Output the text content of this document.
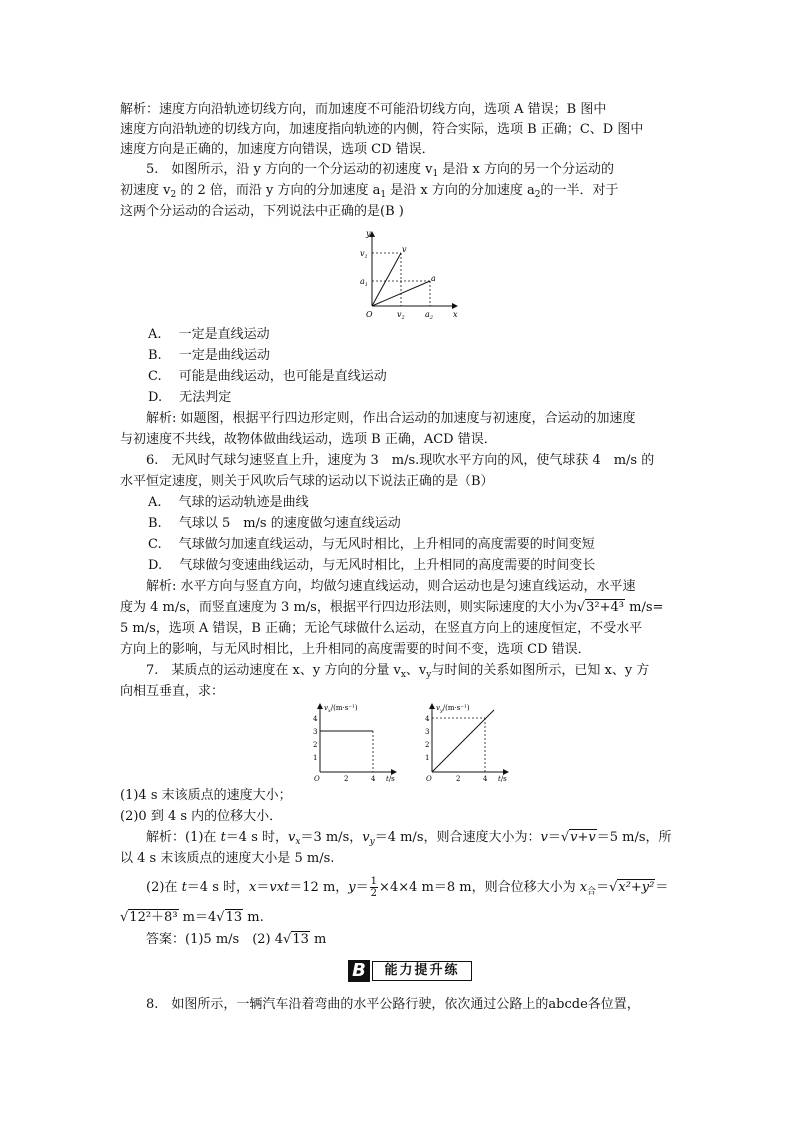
解析：速度方向沿轨迹切线方向，而加速度不可能沿切线方向，选项 A 错误；B 图中
速度方向沿轨迹的切线方向，加速度指向轨迹的内侧，符合实际，选项 B 正确；C、D 图中
速度方向是正确的，加速度方向错误，选项 CD 错误．
5.　如图所示，沿 y 方向的一个分运动的初速度 $v_1$ 是沿 x 方向的另一个分运动的
初速度 $v_2$ 的 2 倍，而沿 y 方向的分加速度 $a_1$ 是沿 x 方向的分加速度 $a_2$的一半．对于
这两个分运动的合运动，下列说法中正确的是(B )
y
x
O
$v_1$
$a_1$
v
a
$v_2$	$a_2$
A.　 一定是直线运动
B.　 一定是曲线运动
C.　 可能是曲线运动，也可能是直线运动
D.　 无法判定
解析: 如题图，根据平行四边形定则，作出合运动的加速度与初速度，合运动的加速度
与初速度不共线，故物体做曲线运动，选项 B 正确，ACD 错误．
6.　无风时气球匀速竖直上升，速度为 3　m/s.现吹水平方向的风，使气球获 4　m/s 的
水平恒定速度，则关于风吹后气球的运动以下说法正确的是（B）
A.　 气球的运动轨迹是曲线
B.　 气球以 5　m/s 的速度做匀速直线运动
C.　 气球做匀加速直线运动，与无风时相比，上升相同的高度需要的时间变短
D.　 气球做匀变速曲线运动，与无风时相比，上升相同的高度需要的时间变长
解析: 水平方向与竖直方向，均做匀速直线运动，则合运动也是匀速直线运动，水平速
度为 4 m/s，而竖直速度为 3 m/s，根据平行四边形法则，则实际速度的大小为√3²+4³ m/s=
5 m/s，选项 A 错误，B 正确；无论气球做什么运动，在竖直方向上的速度恒定，不受水平
方向上的影响，与无风时相比，上升相同的高度需要的时间不变，选项 CD 错误．
7.　某质点的运动速度在 x、y 方向的分量 $v_x$、$v_y$与时间的关系如图所示，已知 x、y 方
向相互垂直，求：
$v_x/(m\cdot s^{-1})$
4
3
2
1
O	2	4 t/s
$v_y/(m\cdot s^{-1})$
4
3
2
1
O	2	4 t/s
(1)4 s 末该质点的速度大小；
(2)0 到 4 s 内的位移大小．
解析：(1)在 t＝4 s 时，$v_x=3$ m/s，$v_y=4$ m/s，则合速度大小为：v＝√v+v＝5 m/s，所
以 4 s 末该质点的速度大小是 5 m/s.
(2)在 t＝4 s 时，x＝vxt＝12 m，$y= \frac{1}{2} \times 4\times 4$ m＝8 m，则合位移大小为 $x_合=√x^2+y^2=$
√12²＋8³ m＝4√13 m.
答案：(1)5 m/s　(2) 4√13 m
B	能力提升练
8.　如图所示，一辆汽车沿着弯曲的水平公路行驶，依次通过公路上的abcde各位置，
